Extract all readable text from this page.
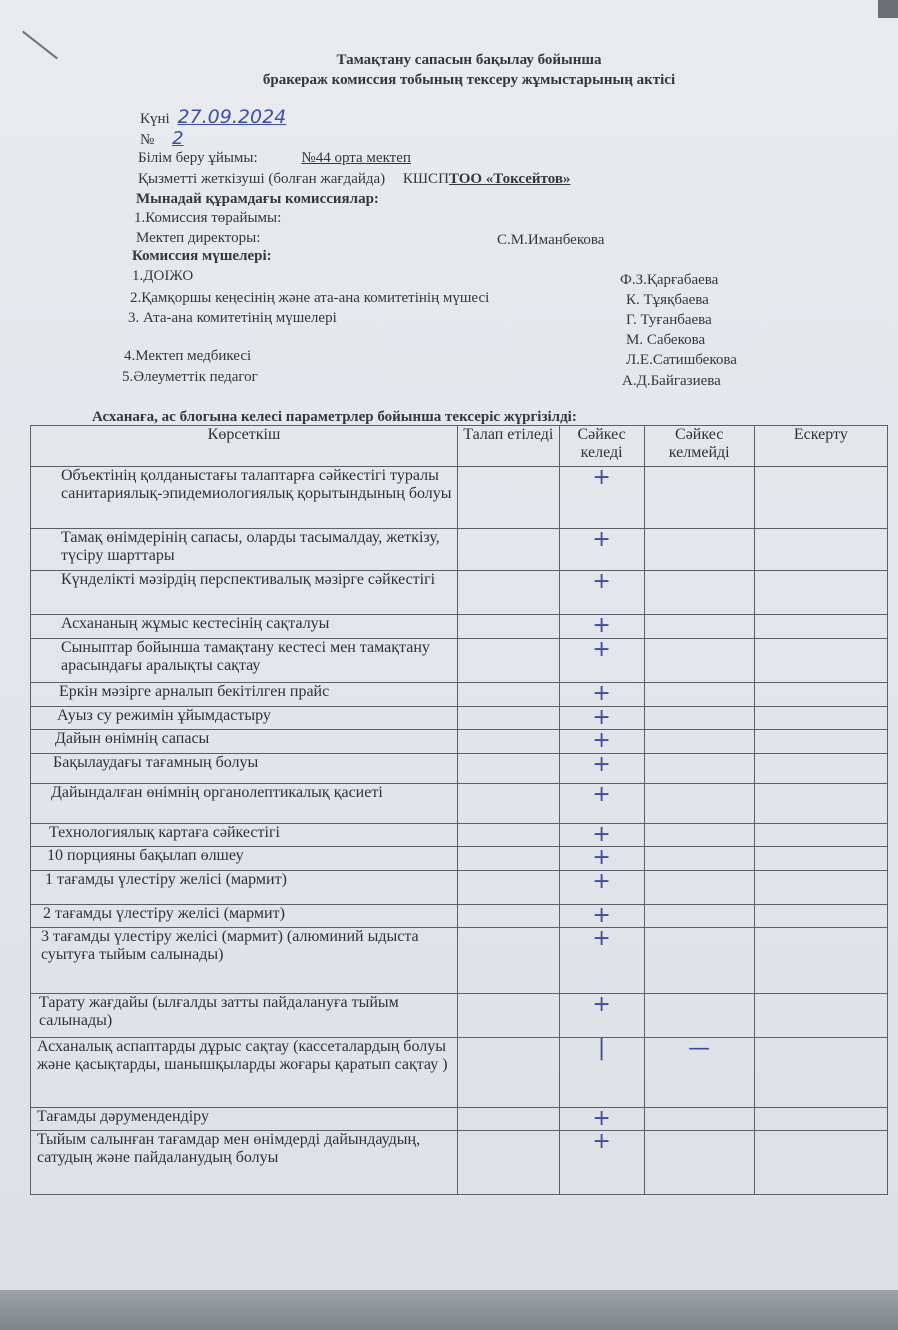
Тамақтану сапасын бақылау бойынша
бракераж комиссия тобының тексеру жұмыстарының актісі
Күні 27.09.2024
№ 2
Білім беру ұйымы:	№44 орта мектеп
Қызметті жеткізуші (болған жағдайда) КШСПТОО «Токсейтов»
Мынадай құрамдағы комиссиялар:
1.Комиссия төрайымы:
Мектеп директоры:	С.М.Иманбекова
Комиссия мүшелері:
1.ДОІЖО	Ф.З.Қарғабаева
2.Қамқоршы кеңесінің және ата-ана комитетінің мүшесі	К. Тұяқбаева
3. Ата-ана комитетінің мүшелері	Г. Туғанбаева
М. Сабекова
4.Мектеп медбикесі	Л.Е.Сатишбекова
5.Әлеуметтік педагог	А.Д.Байгазиева
Асханаға, ас блогына келесі параметрлер бойынша тексеріс жүргізілді:
Көрсеткіш	Талап етіледі	Сәйкес келеді	Сәйкес келмейді	Ескерту
Объектінің қолданыстағы талаптарға сәйкестігі туралы санитариялық-эпидемиологиялық қорытындының болуы		+		
Тамақ өнімдерінің сапасы, оларды тасымалдау, жеткізу, түсіру шарттары		+		
Күнделікті мәзірдің перспективалық мәзірге сәйкестігі		+		
Асхананың жұмыс кестесінің сақталуы		+		
Сыныптар бойынша тамақтану кестесі мен тамақтану арасындағы аралықты сақтау		+		
Еркін мәзірге арналып бекітілген прайс		+		
Ауыз су режимін ұйымдастыру		+		
Дайын өнімнің сапасы		+		
Бақылаудағы тағамның болуы		+		
Дайындалған өнімнің органолептикалық қасиеті		+		
Технологиялық картаға сәйкестігі		+		
10 порцияны бақылап өлшеу		+		
1 тағамды үлестіру желісі (мармит)		+		
2 тағамды үлестіру желісі (мармит)		+		
3 тағамды үлестіру желісі (мармит) (алюминий ыдыста суытуға тыйым салынады)		+		
Тарату жағдайы (ылғалды затты пайдалануға тыйым салынады)		+		
Асханалық аспаптарды дұрыс сақтау (кассеталардың болуы және қасықтарды, шанышқыларды жоғары қаратып сақтау )		|	—	
Тағамды дәрумендендіру		+		
Тыйым салынған тағамдар мен өнімдерді дайындаудың, сатудың және пайдаланудың болуы		+		
